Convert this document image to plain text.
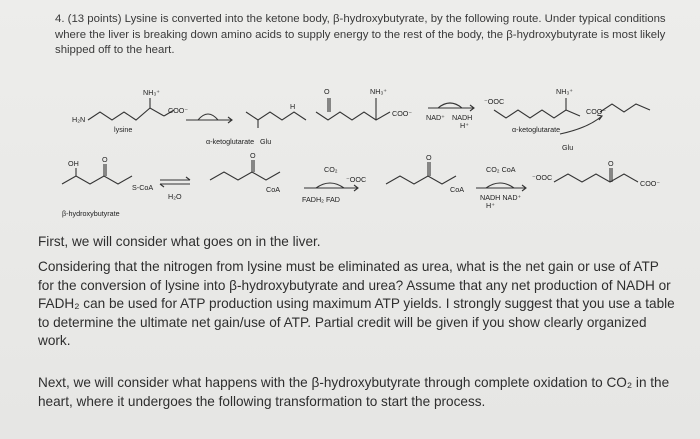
4. (13 points) Lysine is converted into the ketone body, β-hydroxybutyrate, by the following route. Under typical conditions where the liver is breaking down amino acids to supply energy to the rest of the body, the β-hydroxybutyrate is most likely shipped off to the heart.
H₂N
lysine
NH₃⁺
COO⁻
α-ketoglutarate Glu
H
O	NH₃⁺
COO⁻ NAD⁺ NADH
H⁺
⁻OOC
NH₃⁺
COO⁻
α-ketoglutarate
Glu
OH	O
S-CoA
H₂O
β-hydroxybutyrate
O
CoA
CO₂
FADH₂ FAD
⁻OOC
O
CoA
CO₂ CoA
NADH NAD⁺
H⁺
⁻OOC
O
COO⁻

First, we will consider what goes on in the liver.

Considering that the nitrogen from lysine must be eliminated as urea, what is the net gain or use of ATP for the conversion of lysine into β-hydroxybutyrate and urea? Assume that any net production of NADH or FADH₂ can be used for ATP production using maximum ATP yields. I strongly suggest that you use a table to determine the ultimate net gain/use of ATP. Partial credit will be given if you show clearly organized work.

Next, we will consider what happens with the β-hydroxybutyrate through complete oxidation to CO₂ in the heart, where it undergoes the following transformation to start the process.
